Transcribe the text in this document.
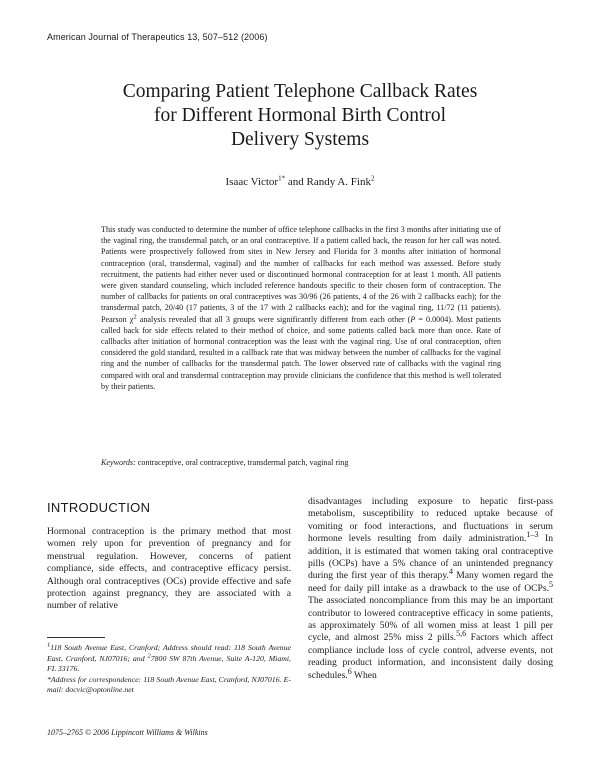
American Journal of Therapeutics 13, 507–512 (2006)
Comparing Patient Telephone Callback Rates
for Different Hormonal Birth Control
Delivery Systems
Isaac Victor$^{1*}$ and Randy A. Fink$^2$

This study was conducted to determine the number of office telephone callbacks in the first 3 months after initiating use of the vaginal ring, the transdermal patch, or an oral contraceptive. If a patient called back, the reason for her call was noted. Patients were prospectively followed from sites in New Jersey and Florida for 3 months after initiation of hormonal contraception (oral, transdermal, vaginal) and the number of callbacks for each method was assessed. Before study recruitment, the patients had either never used or discontinued hormonal contraception for at least 1 month. All patients were given standard counseling, which included reference handouts specific to their chosen form of contraception. The number of callbacks for patients on oral contraceptives was 30/96 (26 patients, 4 of the 26 with 2 callbacks each); for the transdermal patch, 20/40 (17 patients, 3 of the 17 with 2 callbacks each); and for the vaginal ring, 11/72 (11 patients). Pearson $\chi^2$ analysis revealed that all 3 groups were significantly different from each other (P = 0.0004). Most patients called back for side effects related to their method of choice, and some patients called back more than once. Rate of callbacks after initiation of hormonal contraception was the least with the vaginal ring. Use of oral contraception, often considered the gold standard, resulted in a callback rate that was midway between the number of callbacks for the vaginal ring and the number of callbacks for the transdermal patch. The lower observed rate of callbacks with the vaginal ring compared with oral and transdermal contraception may provide clinicians the confidence that this method is well tolerated by their patients.

Keywords: contraceptive, oral contraceptive, transdermal patch, vaginal ring
INTRODUCTION

Hormonal contraception is the primary method that most women rely upon for prevention of pregnancy and for menstrual regulation. However, concerns of patient compliance, side effects, and contraceptive efficacy persist. Although oral contraceptives (OCs) provide effective and safe protection against pregnancy, they are associated with a number of relative

disadvantages including exposure to hepatic first-pass metabolism, susceptibility to reduced uptake because of vomiting or food interactions, and fluctuations in serum hormone levels resulting from daily administration.$^{1-3}$ In addition, it is estimated that women taking oral contraceptive pills (OCPs) have a 5% chance of an unintended pregnancy during the first year of this therapy.$^4$ Many women regard the need for daily pill intake as a drawback to the use of OCPs.$^5$ The associated noncompliance from this may be an important contributor to lowered contraceptive efficacy in some patients, as approximately 50% of all women miss at least 1 pill per cycle, and almost 25% miss 2 pills.$^{5,6}$ Factors which affect compliance include loss of cycle control, adverse events, not reading product information, and inconsistent daily dosing schedules.$^6$ When

$^1$118 South Avenue East, Cranford; Address should read: 118 South Avenue East, Cranford, NJ07016; and $^2$7800 SW 87th Avenue, Suite A-120, Miami, FL 33176.

*Address for correspondence: 118 South Avenue East, Cranford, NJ07016. E-mail: docvic@optonline.net

1075–2765 © 2006 Lippincott Williams & Wilkins
